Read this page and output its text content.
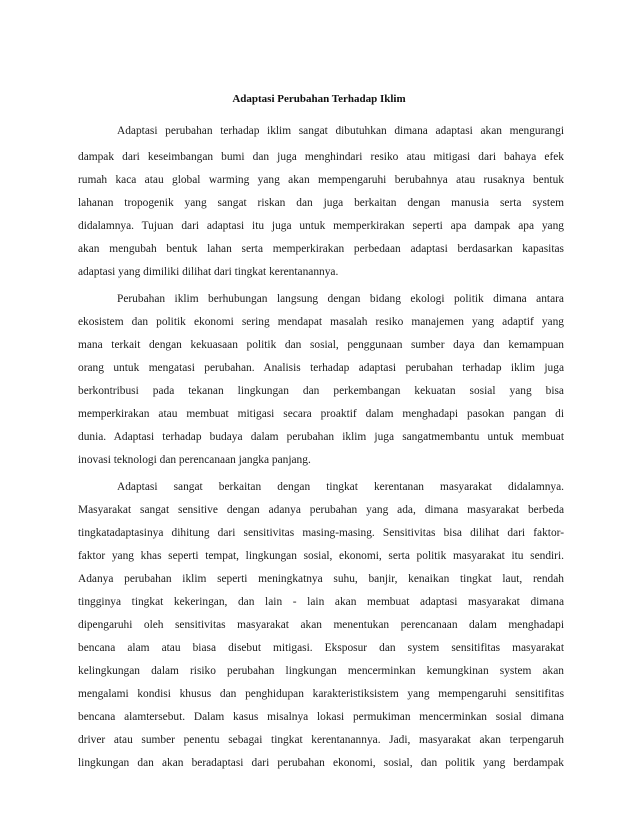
Adaptasi Perubahan Terhadap Iklim

Adaptasi perubahan terhadap iklim sangat dibutuhkan dimana adaptasi akan mengurangi

dampak dari keseimbangan bumi dan juga menghindari resiko atau mitigasi dari bahaya efek

rumah kaca atau global warming yang akan mempengaruhi berubahnya atau rusaknya bentuk

lahanan tropogenik yang sangat riskan dan juga berkaitan dengan manusia serta system

didalamnya. Tujuan dari adaptasi itu juga untuk memperkirakan seperti apa dampak apa yang

akan mengubah bentuk lahan serta memperkirakan perbedaan adaptasi berdasarkan kapasitas

adaptasi yang dimiliki dilihat dari tingkat kerentanannya.

Perubahan iklim berhubungan langsung dengan bidang ekologi politik dimana antara

ekosistem dan politik ekonomi sering mendapat masalah resiko manajemen yang adaptif yang

mana terkait dengan kekuasaan politik dan sosial, penggunaan sumber daya dan kemampuan

orang untuk mengatasi perubahan. Analisis terhadap adaptasi perubahan terhadap iklim juga

berkontribusi pada tekanan lingkungan dan perkembangan kekuatan sosial yang bisa

memperkirakan atau membuat mitigasi secara proaktif dalam menghadapi pasokan pangan di

dunia. Adaptasi terhadap budaya dalam perubahan iklim juga sangatmembantu untuk membuat

inovasi teknologi dan perencanaan jangka panjang.

Adaptasi sangat berkaitan dengan tingkat kerentanan masyarakat didalamnya.

Masyarakat sangat sensitive dengan adanya perubahan yang ada, dimana masyarakat berbeda

tingkatadaptasinya dihitung dari sensitivitas masing-masing. Sensitivitas bisa dilihat dari faktor-

faktor yang khas seperti tempat, lingkungan sosial, ekonomi, serta politik masyarakat itu sendiri.

Adanya perubahan iklim seperti meningkatnya suhu, banjir, kenaikan tingkat laut, rendah

tingginya tingkat kekeringan, dan lain - lain akan membuat adaptasi masyarakat dimana

dipengaruhi oleh sensitivitas masyarakat akan menentukan perencanaan dalam menghadapi

bencana alam atau biasa disebut mitigasi. Eksposur dan system sensitifitas masyarakat

kelingkungan dalam risiko perubahan lingkungan mencerminkan kemungkinan system akan

mengalami kondisi khusus dan penghidupan karakteristiksistem yang mempengaruhi sensitifitas

bencana alamtersebut. Dalam kasus misalnya lokasi permukiman mencerminkan sosial dimana

driver atau sumber penentu sebagai tingkat kerentanannya. Jadi, masyarakat akan terpengaruh

lingkungan dan akan beradaptasi dari perubahan ekonomi, sosial, dan politik yang berdampak
